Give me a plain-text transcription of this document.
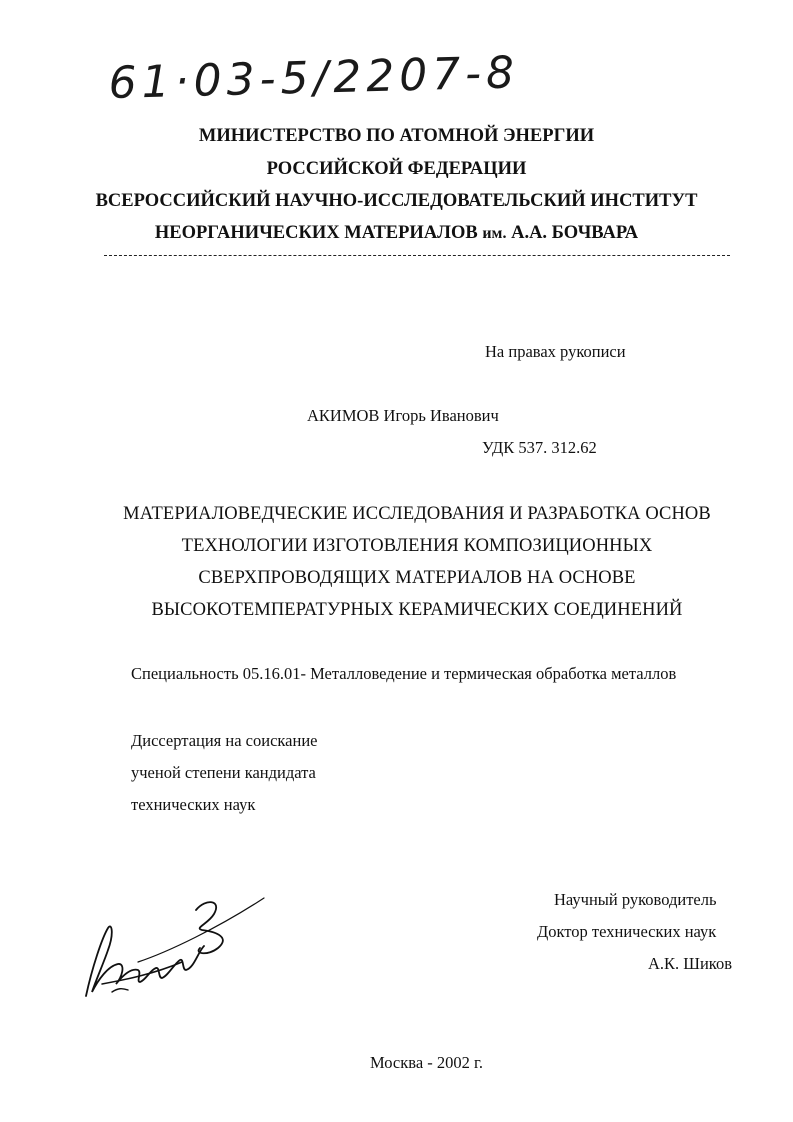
61·03-5/2207-8
МИНИСТЕРСТВО ПО АТОМНОЙ ЭНЕРГИИ
РОССИЙСКОЙ ФЕДЕРАЦИИ
ВСЕРОССИЙСКИЙ НАУЧНО-ИССЛЕДОВАТЕЛЬСКИЙ ИНСТИТУТ
НЕОРГАНИЧЕСКИХ МАТЕРИАЛОВ им. А.А. БОЧВАРА
На правах рукописи
АКИМОВ Игорь Иванович
УДК 537. 312.62
МАТЕРИАЛОВЕДЧЕСКИЕ ИССЛЕДОВАНИЯ И РАЗРАБОТКА ОСНОВ
ТЕХНОЛОГИИ ИЗГОТОВЛЕНИЯ КОМПОЗИЦИОННЫХ
СВЕРХПРОВОДЯЩИХ МАТЕРИАЛОВ НА ОСНОВЕ
ВЫСОКОТЕМПЕРАТУРНЫХ КЕРАМИЧЕСКИХ СОЕДИНЕНИЙ
Специальность 05.16.01- Металловедение и термическая обработка металлов
Диссертация на соискание
ученой степени кандидата
технических наук
Научный руководитель
Доктор технических наук
А.К. Шиков
Москва - 2002 г.
